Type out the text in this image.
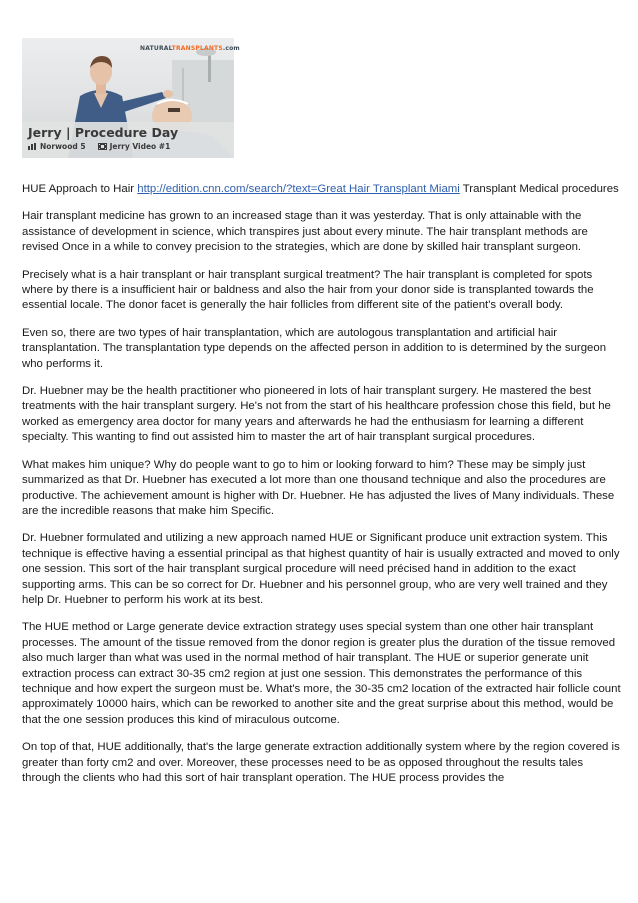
NATURALTRANSPLANTS.com
Jerry | Procedure Day
Norwood 5	Jerry Video #1

HUE Approach to Hair http://edition.cnn.com/search/?text=Great Hair Transplant Miami Transplant Medical procedures

Hair transplant medicine has grown to an increased stage than it was yesterday. That is only attainable with the assistance of development in science, which transpires just about every minute. The hair transplant methods are revised Once in a while to convey precision to the strategies, which are done by skilled hair transplant surgeon.

Precisely what is a hair transplant or hair transplant surgical treatment? The hair transplant is completed for spots where by there is a insufficient hair or baldness and also the hair from your donor side is transplanted towards the essential locale. The donor facet is generally the hair follicles from different site of the patient's overall body.

Even so, there are two types of hair transplantation, which are autologous transplantation and artificial hair transplantation. The transplantation type depends on the affected person in addition to is determined by the surgeon who performs it.

Dr. Huebner may be the health practitioner who pioneered in lots of hair transplant surgery. He mastered the best treatments with the hair transplant surgery. He's not from the start of his healthcare profession chose this field, but he worked as emergency area doctor for many years and afterwards he had the enthusiasm for learning a different specialty. This wanting to find out assisted him to master the art of hair transplant surgical procedures.

What makes him unique? Why do people want to go to him or looking forward to him? These may be simply just summarized as that Dr. Huebner has executed a lot more than one thousand technique and also the procedures are productive. The achievement amount is higher with Dr. Huebner. He has adjusted the lives of Many individuals. These are the incredible reasons that make him Specific.

Dr. Huebner formulated and utilizing a new approach named HUE or Significant produce unit extraction system. This technique is effective having a essential principal as that highest quantity of hair is usually extracted and moved to only one session. This sort of the hair transplant surgical procedure will need précised hand in addition to the exact supporting arms. This can be so correct for Dr. Huebner and his personnel group, who are very well trained and they help Dr. Huebner to perform his work at its best.

The HUE method or Large generate device extraction strategy uses special system than one other hair transplant processes. The amount of the tissue removed from the donor region is greater plus the duration of the tissue removed also much larger than what was used in the normal method of hair transplant. The HUE or superior generate unit extraction process can extract 30-35 cm2 region at just one session. This demonstrates the performance of this technique and how expert the surgeon must be. What's more, the 30-35 cm2 location of the extracted hair follicle count approximately 10000 hairs, which can be reworked to another site and the great surprise about this method, would be that the one session produces this kind of miraculous outcome.

On top of that, HUE additionally, that's the large generate extraction additionally system where by the region covered is greater than forty cm2 and over. Moreover, these processes need to be as opposed throughout the results tales through the clients who had this sort of hair transplant operation. The HUE process provides the
